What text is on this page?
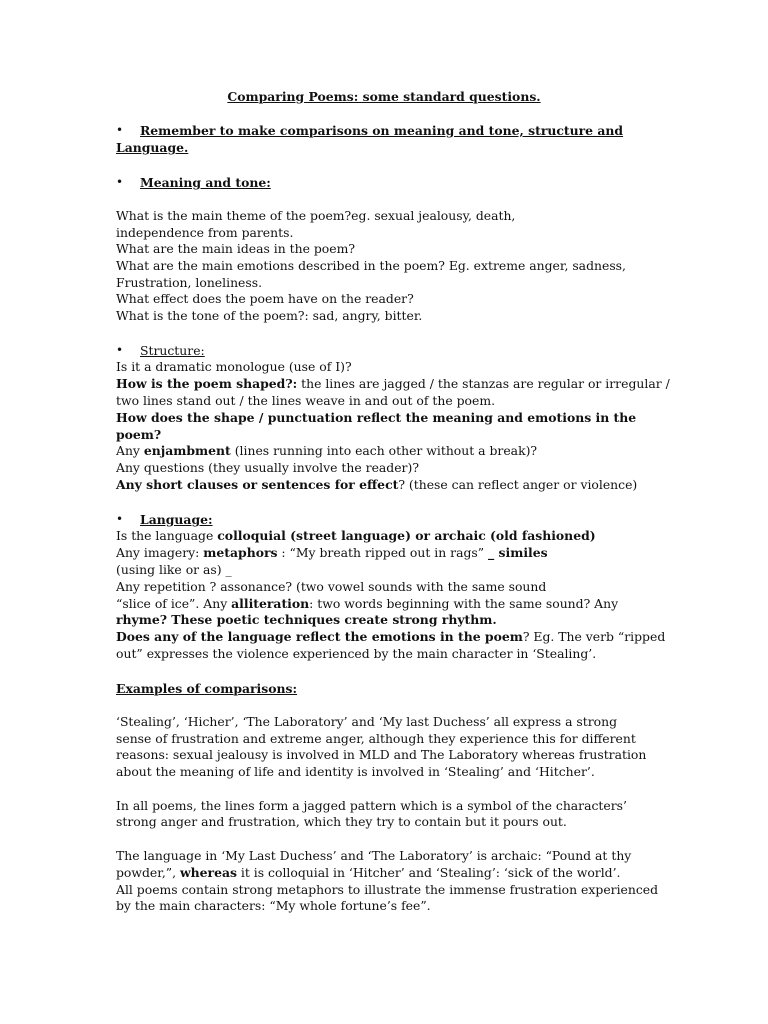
Comparing Poems: some standard questions.
• Remember to make comparisons on meaning and tone, structure and
Language.
• Meaning and tone:
What is the main theme of the poem?eg. sexual jealousy, death,
independence from parents.
What are the main ideas in the poem?
What are the main emotions described in the poem? Eg. extreme anger, sadness,
Frustration, loneliness.
What effect does the poem have on the reader?
What is the tone of the poem?: sad, angry, bitter.
• Structure:
Is it a dramatic monologue (use of I)?
How is the poem shaped?: the lines are jagged / the stanzas are regular or irregular /
two lines stand out / the lines weave in and out of the poem.
How does the shape / punctuation reflect the meaning and emotions in the
poem?
Any enjambment (lines running into each other without a break)?
Any questions (they usually involve the reader)?
Any short clauses or sentences for effect? (these can reflect anger or violence)
• Language:
Is the language colloquial (street language) or archaic (old fashioned)
Any imagery: metaphors : “My breath ripped out in rags” _ similes
(using like or as) _
Any repetition ? assonance? (two vowel sounds with the same sound
“slice of ice”. Any alliteration: two words beginning with the same sound? Any
rhyme? These poetic techniques create strong rhythm.
Does any of the language reflect the emotions in the poem? Eg. The verb “ripped
out” expresses the violence experienced by the main character in ‘Stealing’.
Examples of comparisons:
‘Stealing’, ‘Hicher’, ‘The Laboratory’ and ‘My last Duchess’ all express a strong
sense of frustration and extreme anger, although they experience this for different
reasons: sexual jealousy is involved in MLD and The Laboratory whereas frustration
about the meaning of life and identity is involved in ‘Stealing’ and ‘Hitcher’.
In all poems, the lines form a jagged pattern which is a symbol of the characters’
strong anger and frustration, which they try to contain but it pours out.
The language in ‘My Last Duchess’ and ‘The Laboratory’ is archaic: “Pound at thy
powder,”, whereas it is colloquial in ‘Hitcher’ and ‘Stealing’: ‘sick of the world’.
All poems contain strong metaphors to illustrate the immense frustration experienced
by the main characters: “My whole fortune’s fee”.
